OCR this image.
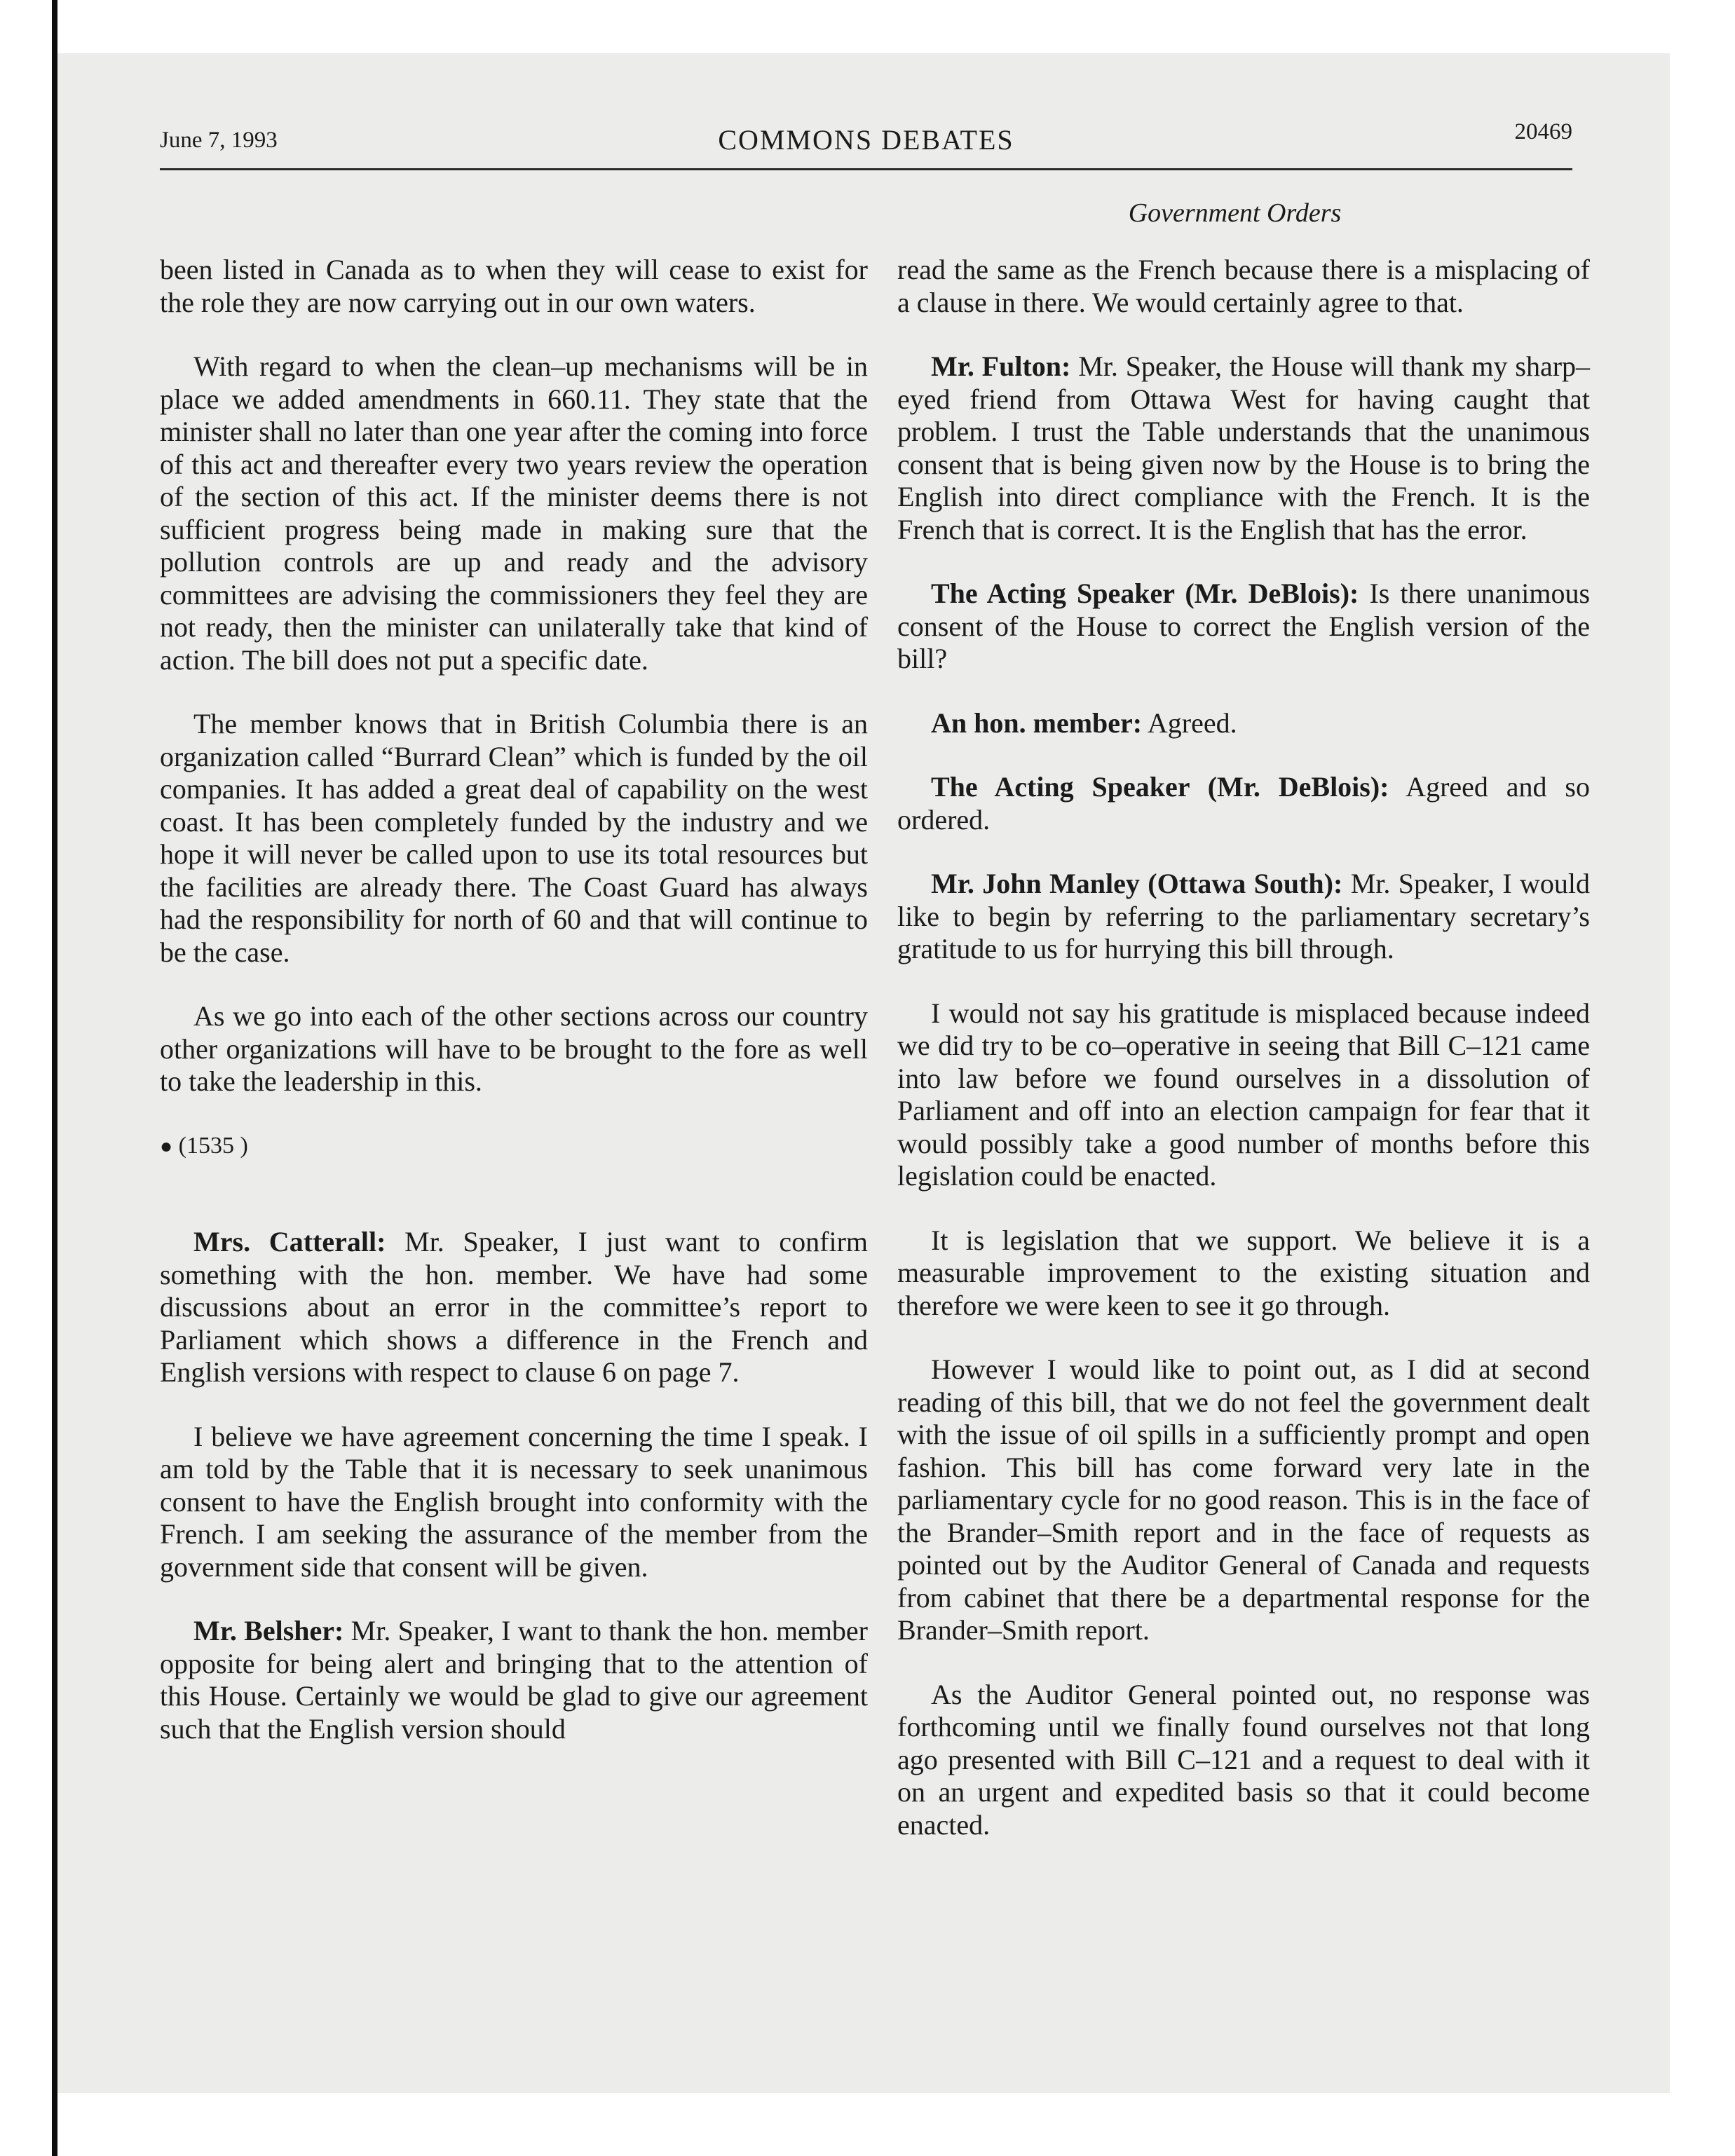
June 7, 1993	COMMONS DEBATES	20469
Government Orders

been listed in Canada as to when they will cease to exist for the role they are now carrying out in our own waters.

With regard to when the clean–up mechanisms will be in place we added amendments in 660.11. They state that the minister shall no later than one year after the coming into force of this act and thereafter every two years review the operation of the section of this act. If the minister deems there is not sufficient progress being made in making sure that the pollution controls are up and ready and the advisory committees are advising the commissioners they feel they are not ready, then the minister can unilaterally take that kind of action. The bill does not put a specific date.

The member knows that in British Columbia there is an organization called “Burrard Clean” which is funded by the oil companies. It has added a great deal of capability on the west coast. It has been completely funded by the industry and we hope it will never be called upon to use its total resources but the facilities are already there. The Coast Guard has always had the responsibility for north of 60 and that will continue to be the case.

As we go into each of the other sections across our country other organizations will have to be brought to the fore as well to take the leadership in this.

● (1535 )

Mrs. Catterall: Mr. Speaker, I just want to confirm something with the hon. member. We have had some discussions about an error in the committee’s report to Parliament which shows a difference in the French and English versions with respect to clause 6 on page 7.

I believe we have agreement concerning the time I speak. I am told by the Table that it is necessary to seek unanimous consent to have the English brought into conformity with the French. I am seeking the assurance of the member from the government side that consent will be given.

Mr. Belsher: Mr. Speaker, I want to thank the hon. member opposite for being alert and bringing that to the attention of this House. Certainly we would be glad to give our agreement such that the English version should

read the same as the French because there is a misplacing of a clause in there. We would certainly agree to that.

Mr. Fulton: Mr. Speaker, the House will thank my sharp–eyed friend from Ottawa West for having caught that problem. I trust the Table understands that the unanimous consent that is being given now by the House is to bring the English into direct compliance with the French. It is the French that is correct. It is the English that has the error.

The Acting Speaker (Mr. DeBlois): Is there unanimous consent of the House to correct the English version of the bill?

An hon. member: Agreed.

The Acting Speaker (Mr. DeBlois): Agreed and so ordered.

Mr. John Manley (Ottawa South): Mr. Speaker, I would like to begin by referring to the parliamentary secretary’s gratitude to us for hurrying this bill through.

I would not say his gratitude is misplaced because indeed we did try to be co–operative in seeing that Bill C–121 came into law before we found ourselves in a dissolution of Parliament and off into an election campaign for fear that it would possibly take a good number of months before this legislation could be enacted.

It is legislation that we support. We believe it is a measurable improvement to the existing situation and therefore we were keen to see it go through.

However I would like to point out, as I did at second reading of this bill, that we do not feel the government dealt with the issue of oil spills in a sufficiently prompt and open fashion. This bill has come forward very late in the parliamentary cycle for no good reason. This is in the face of the Brander–Smith report and in the face of requests as pointed out by the Auditor General of Canada and requests from cabinet that there be a departmental response for the Brander–Smith report.

As the Auditor General pointed out, no response was forthcoming until we finally found ourselves not that long ago presented with Bill C–121 and a request to deal with it on an urgent and expedited basis so that it could become enacted.
